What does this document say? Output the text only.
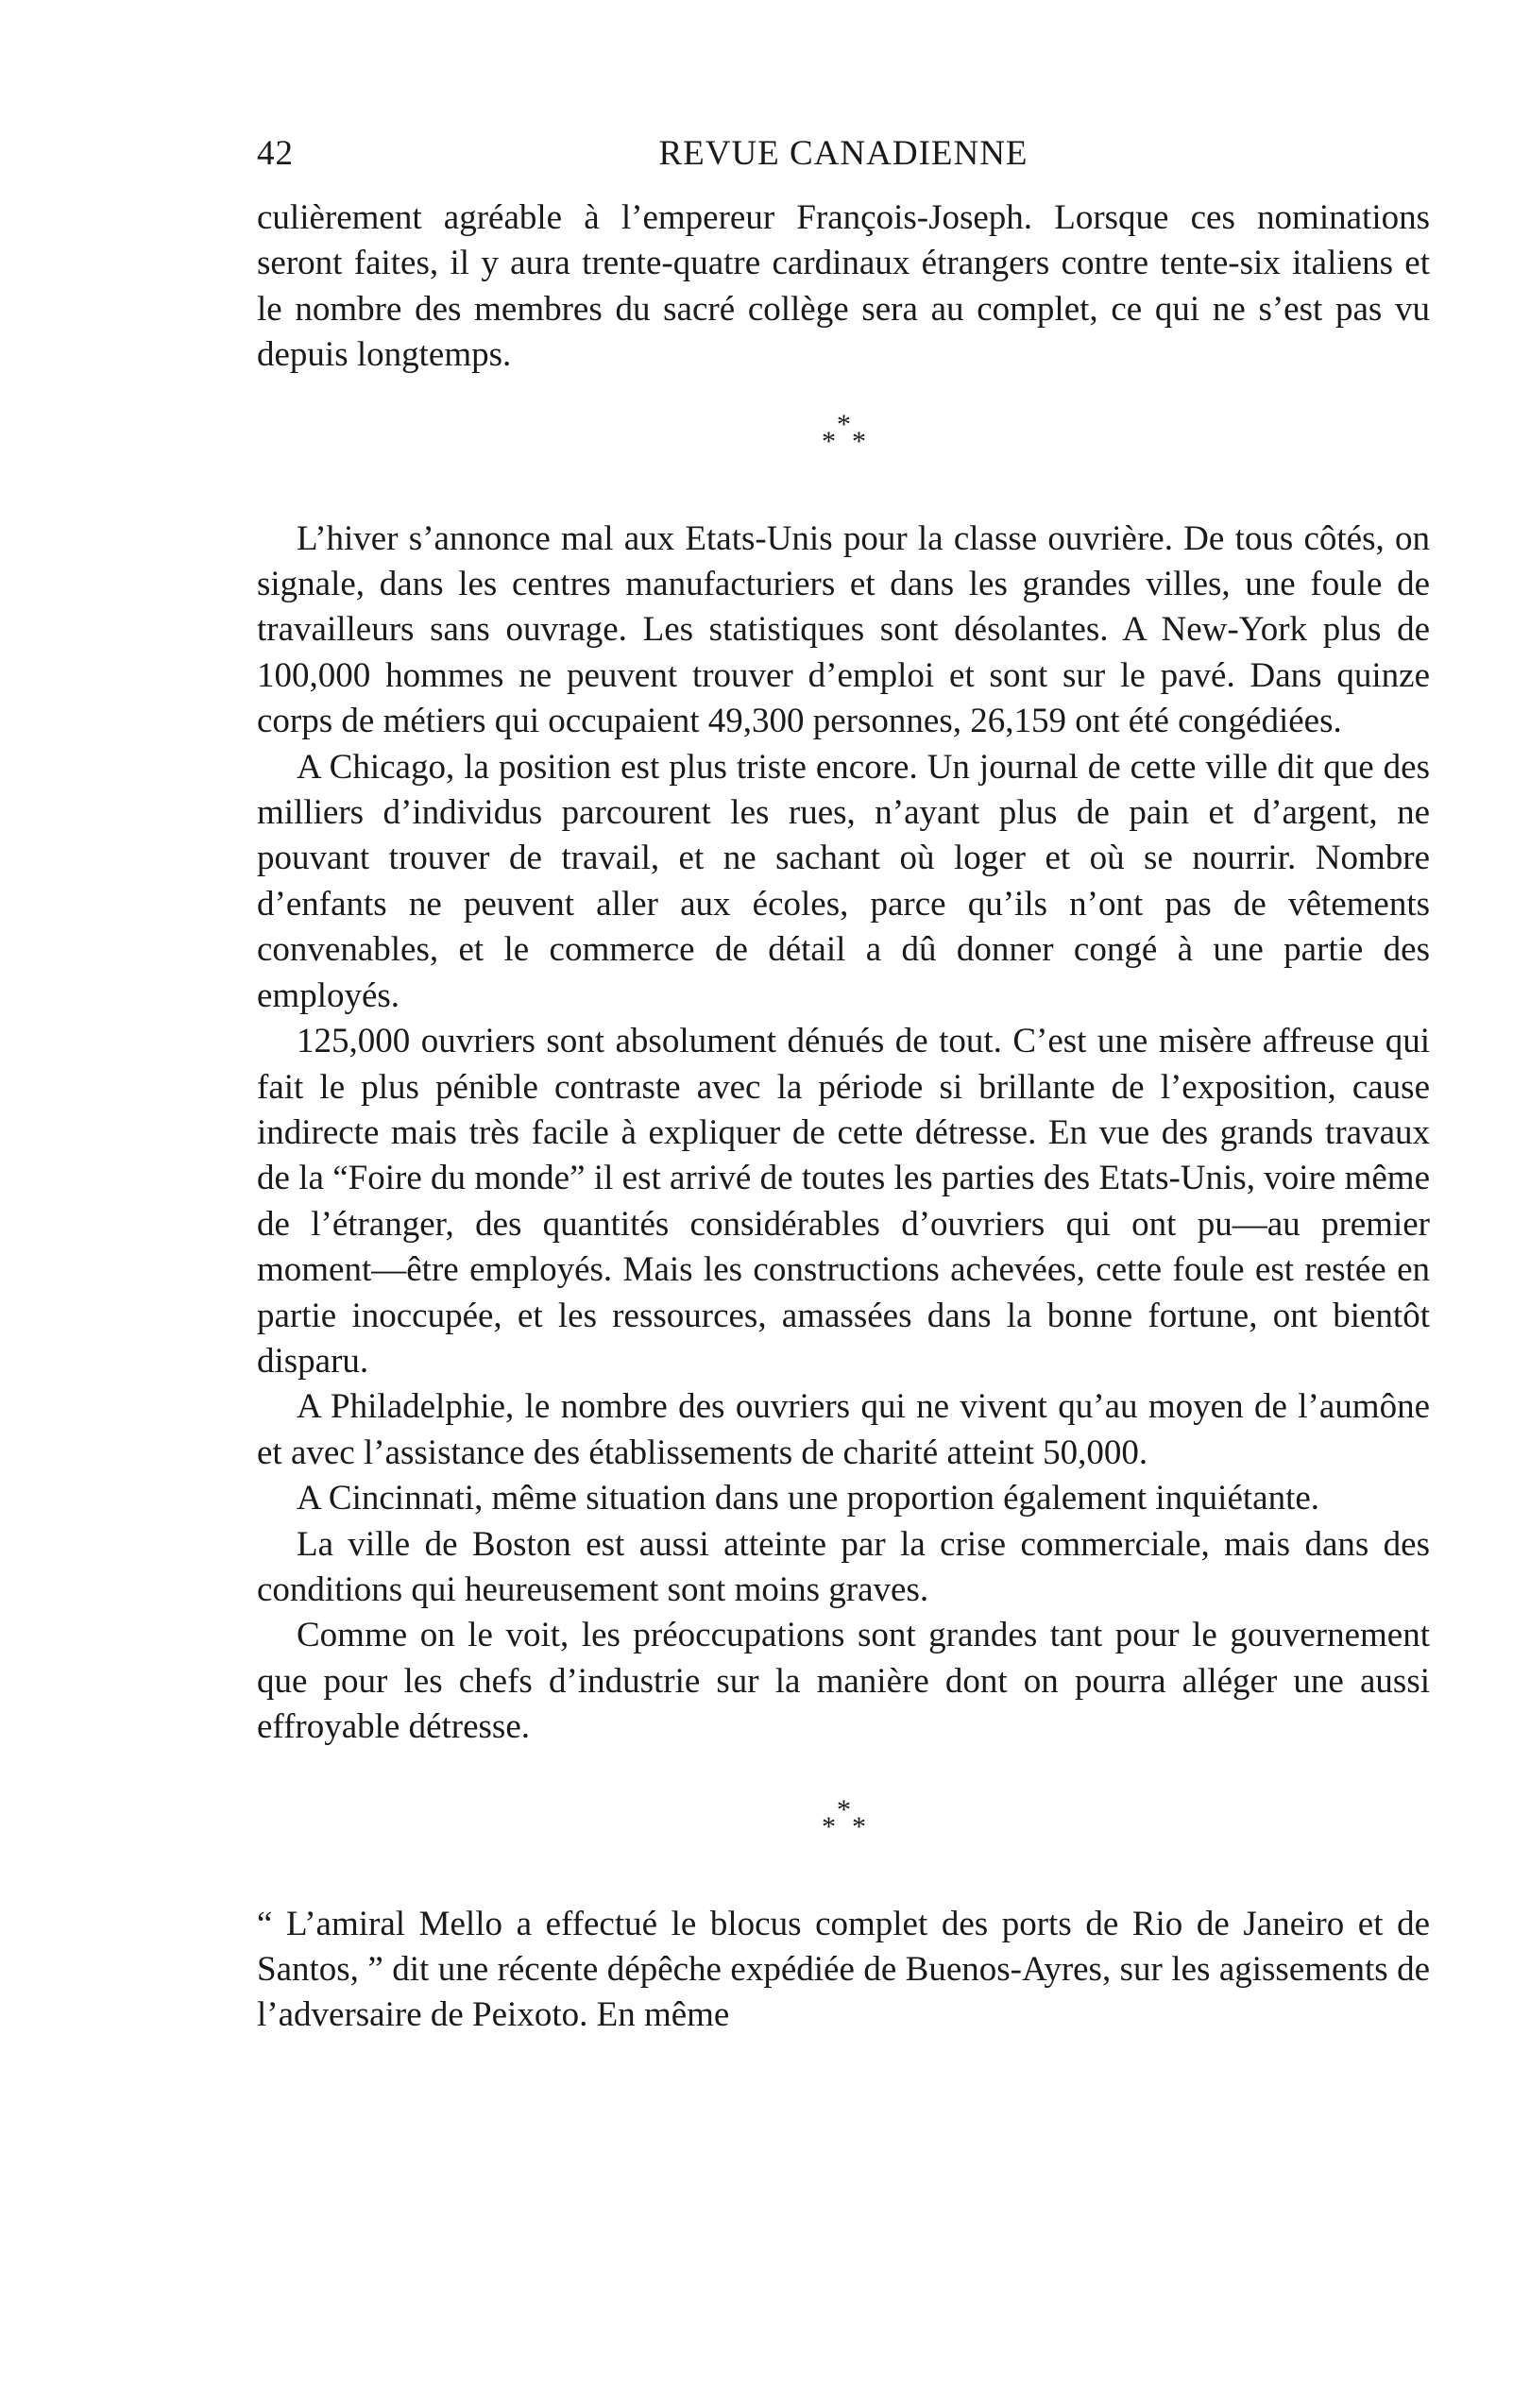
42	REVUE CANADIENNE

culièrement agréable à l’empereur François-Joseph. Lorsque ces nominations seront faites, il y aura trente-quatre cardinaux étrangers contre tente-six italiens et le nombre des membres du sacré collège sera au complet, ce qui ne s’est pas vu depuis longtemps.

*
* *

L’hiver s’annonce mal aux Etats-Unis pour la classe ouvrière. De tous côtés, on signale, dans les centres manufacturiers et dans les grandes villes, une foule de travailleurs sans ouvrage. Les statistiques sont désolantes. A New-York plus de 100,000 hommes ne peuvent trouver d’emploi et sont sur le pavé. Dans quinze corps de métiers qui occupaient 49,300 personnes, 26,159 ont été congédiées.

A Chicago, la position est plus triste encore. Un journal de cette ville dit que des milliers d’individus parcourent les rues, n’ayant plus de pain et d’argent, ne pouvant trouver de travail, et ne sachant où loger et où se nourrir. Nombre d’enfants ne peuvent aller aux écoles, parce qu’ils n’ont pas de vêtements convenables, et le commerce de détail a dû donner congé à une partie des employés.

125,000 ouvriers sont absolument dénués de tout. C’est une misère affreuse qui fait le plus pénible contraste avec la période si brillante de l’exposition, cause indirecte mais très facile à expliquer de cette détresse. En vue des grands travaux de la “Foire du monde” il est arrivé de toutes les parties des Etats-Unis, voire même de l’étranger, des quantités considérables d’ouvriers qui ont pu—au premier moment—être employés. Mais les constructions achevées, cette foule est restée en partie inoccupée, et les ressources, amassées dans la bonne fortune, ont bientôt disparu.

A Philadelphie, le nombre des ouvriers qui ne vivent qu’au moyen de l’aumône et avec l’assistance des établissements de charité atteint 50,000.

A Cincinnati, même situation dans une proportion également inquiétante.

La ville de Boston est aussi atteinte par la crise commerciale, mais dans des conditions qui heureusement sont moins graves.

Comme on le voit, les préoccupations sont grandes tant pour le gouvernement que pour les chefs d’industrie sur la manière dont on pourra alléger une aussi effroyable détresse.

*
* *

“ L’amiral Mello a effectué le blocus complet des ports de Rio de Janeiro et de Santos, ” dit une récente dépêche expédiée de Buenos-Ayres, sur les agissements de l’adversaire de Peixoto. En même
